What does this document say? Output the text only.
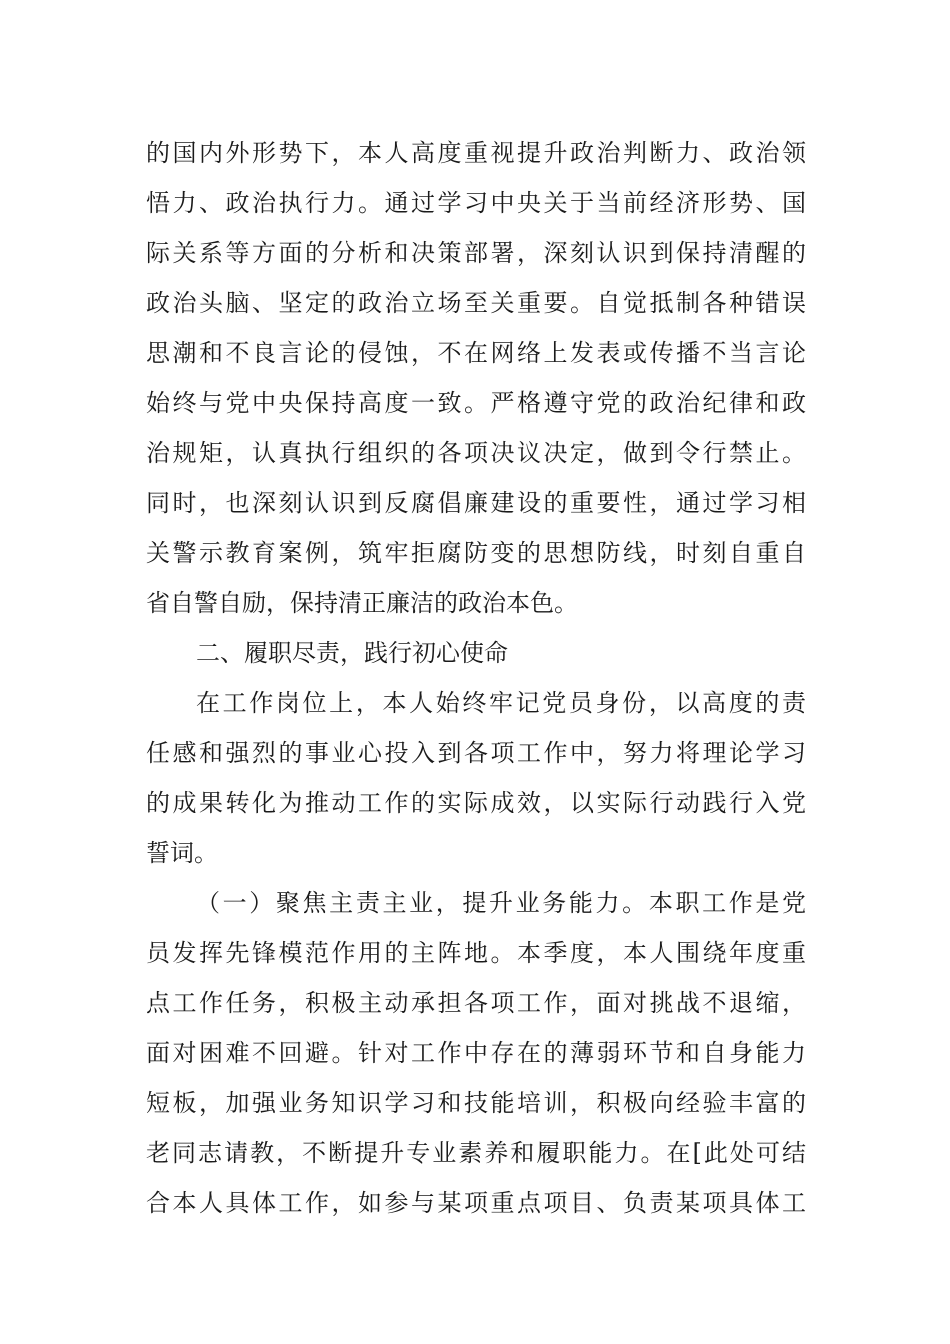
的国内外形势下，本人高度重视提升政治判断力、政治领
悟力、政治执行力。通过学习中央关于当前经济形势、国
际关系等方面的分析和决策部署，深刻认识到保持清醒的
政治头脑、坚定的政治立场至关重要。自觉抵制各种错误
思潮和不良言论的侵蚀，不在网络上发表或传播不当言论
始终与党中央保持高度一致。严格遵守党的政治纪律和政
治规矩，认真执行组织的各项决议决定，做到令行禁止。
同时，也深刻认识到反腐倡廉建设的重要性，通过学习相
关警示教育案例，筑牢拒腐防变的思想防线，时刻自重自
省自警自励，保持清正廉洁的政治本色。
二、履职尽责，践行初心使命
在工作岗位上，本人始终牢记党员身份，以高度的责
任感和强烈的事业心投入到各项工作中，努力将理论学习
的成果转化为推动工作的实际成效，以实际行动践行入党
誓词。
（一）聚焦主责主业，提升业务能力。本职工作是党
员发挥先锋模范作用的主阵地。本季度，本人围绕年度重
点工作任务，积极主动承担各项工作，面对挑战不退缩，
面对困难不回避。针对工作中存在的薄弱环节和自身能力
短板，加强业务知识学习和技能培训，积极向经验丰富的
老同志请教，不断提升专业素养和履职能力。在[此处可结
合本人具体工作，如参与某项重点项目、负责某项具体工
